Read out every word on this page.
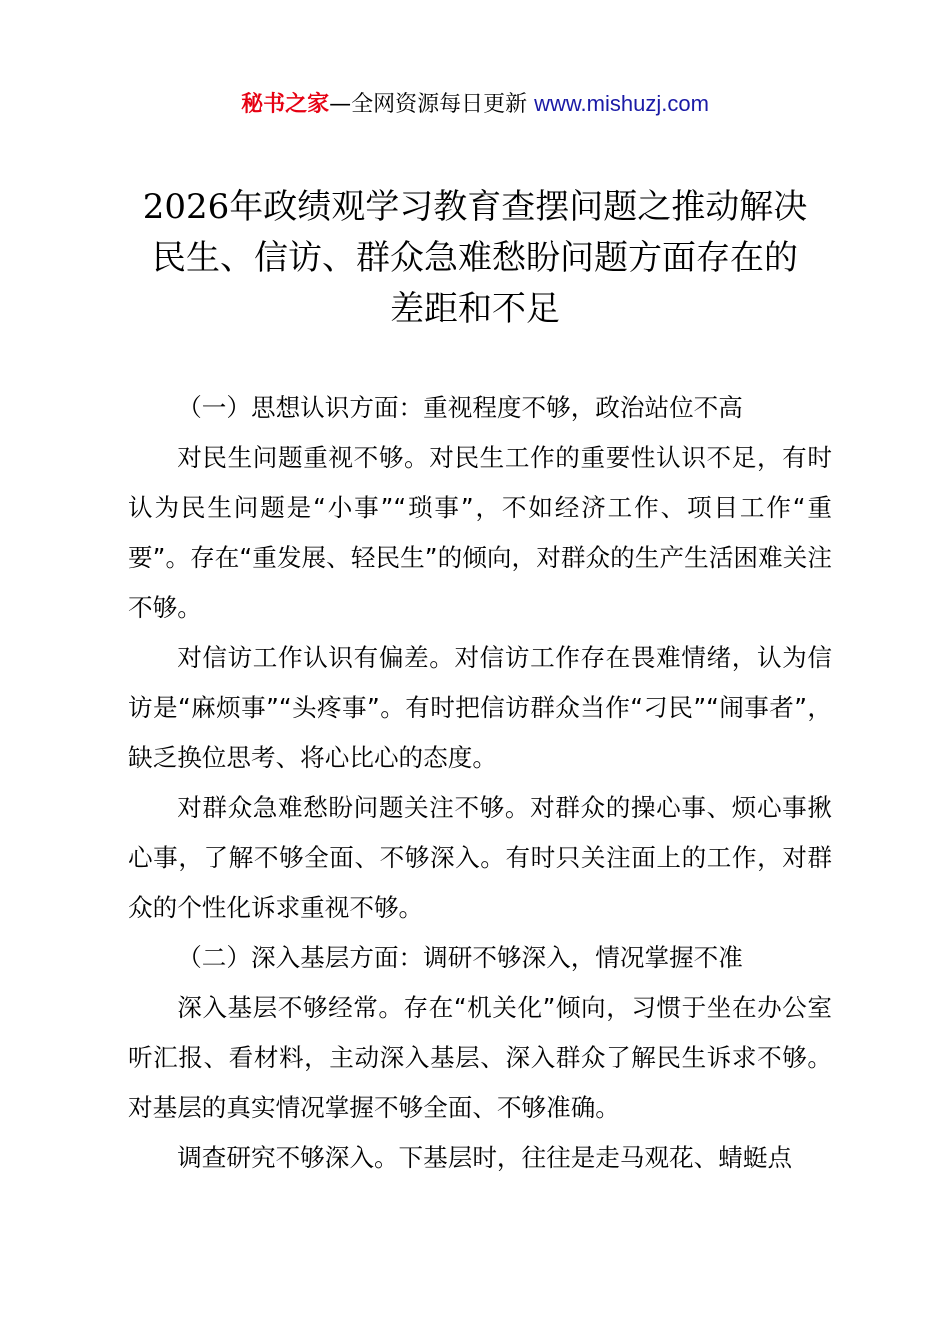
秘书之家—全网资源每日更新 www.mishuzj.com
2026年政绩观学习教育查摆问题之推动解决
民生、信访、群众急难愁盼问题方面存在的
差距和不足

（一）思想认识方面：重视程度不够，政治站位不高

对民生问题重视不够。对民生工作的重要性认识不足，有时认为民生问题是“小事”“琐事”，不如经济工作、项目工作“重要”。存在“重发展、轻民生”的倾向，对群众的生产生活困难关注不够。

对信访工作认识有偏差。对信访工作存在畏难情绪，认为信访是“麻烦事”“头疼事”。有时把信访群众当作“刁民”“闹事者”，缺乏换位思考、将心比心的态度。

对群众急难愁盼问题关注不够。对群众的操心事、烦心事揪心事，了解不够全面、不够深入。有时只关注面上的工作，对群众的个性化诉求重视不够。

（二）深入基层方面：调研不够深入，情况掌握不准

深入基层不够经常。存在“机关化”倾向，习惯于坐在办公室听汇报、看材料，主动深入基层、深入群众了解民生诉求不够。对基层的真实情况掌握不够全面、不够准确。

调查研究不够深入。下基层时，往往是走马观花、蜻蜓点
